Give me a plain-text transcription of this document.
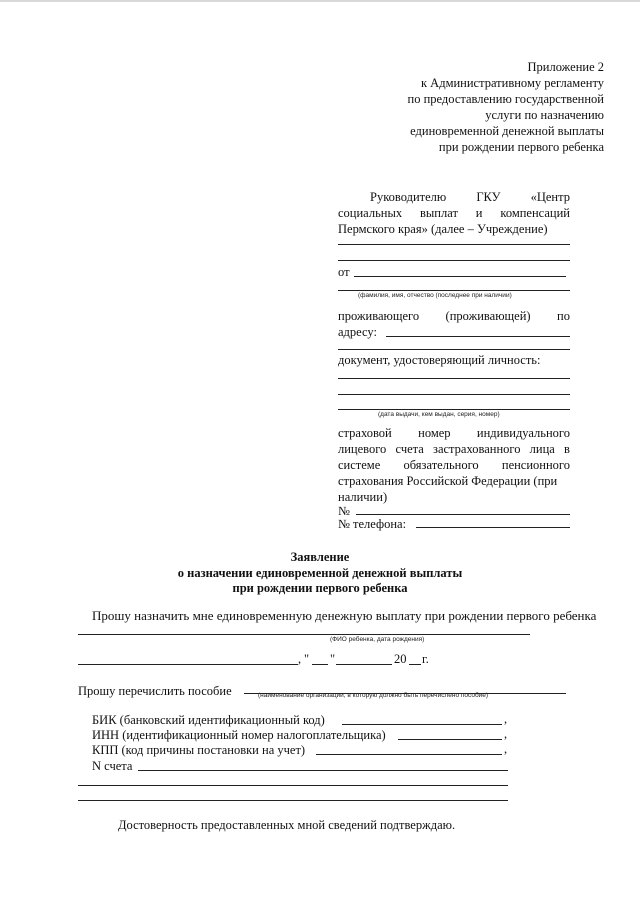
Приложение 2
к Административному регламенту
по предоставлению государственной
услуги по назначению
единовременной денежной выплаты
при рождении первого ребенка
Руководителю ГКУ «Центр
социальных выплат и компенсаций
Пермского края» (далее – Учреждение)
от
(фамилия, имя, отчество (последнее при наличии)
проживающего (проживающей) по
адресу:
документ, удостоверяющий личность:
(дата выдачи, кем выдан, серия, номер)
страховой номер индивидуального
лицевого счета застрахованного лица в
системе обязательного пенсионного
страхования Российской Федерации (при
наличии)
№
№ телефона:
Заявление
о назначении единовременной денежной выплаты
при рождении первого ребенка
Прошу назначить мне единовременную денежную выплату при рождении первого ребенка
(ФИО ребенка, дата рождения)
, " "	20 г.
Прошу перечислить пособие	(наименование организации, в которую должно быть перечислено пособие)
БИК (банковский идентификационный код)	,
ИНН (идентификационный номер налогоплательщика)	,
КПП (код причины постановки на учет)	,
N счета
Достоверность предоставленных мной сведений подтверждаю.
